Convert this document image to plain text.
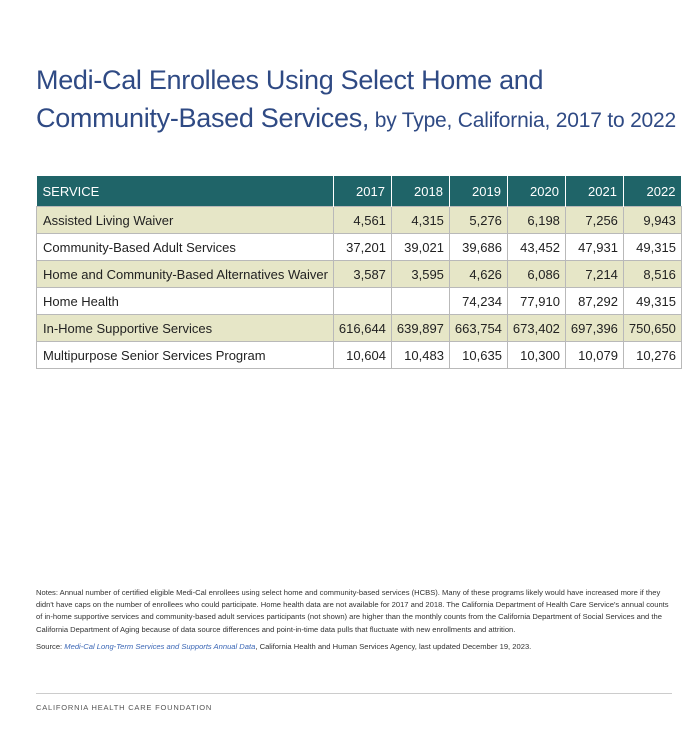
Medi-Cal Enrollees Using Select Home and Community-Based Services, by Type, California, 2017 to 2022
SERVICE	2017	2018	2019	2020	2021	2022
Assisted Living Waiver	4,561	4,315	5,276	6,198	7,256	9,943
Community-Based Adult Services	37,201	39,021	39,686	43,452	47,931	49,315
Home and Community-Based Alternatives Waiver	3,587	3,595	4,626	6,086	7,214	8,516
Home Health			74,234	77,910	87,292	49,315
In-Home Supportive Services	616,644	639,897	663,754	673,402	697,396	750,650
Multipurpose Senior Services Program	10,604	10,483	10,635	10,300	10,079	10,276

Notes: Annual number of certified eligible Medi-Cal enrollees using select home and community-based services (HCBS). Many of these programs likely would have increased more if they didn't have caps on the number of enrollees who could participate. Home health data are not available for 2017 and 2018. The California Department of Health Care Service's annual counts of in-home supportive services and community-based adult services participants (not shown) are higher than the monthly counts from the California Department of Social Services and the California Department of Aging because of data source differences and point-in-time data pulls that fluctuate with new enrollments and attrition.

Source: Medi-Cal Long-Term Services and Supports Annual Data, California Health and Human Services Agency, last updated December 19, 2023.

CALIFORNIA HEALTH CARE FOUNDATION
